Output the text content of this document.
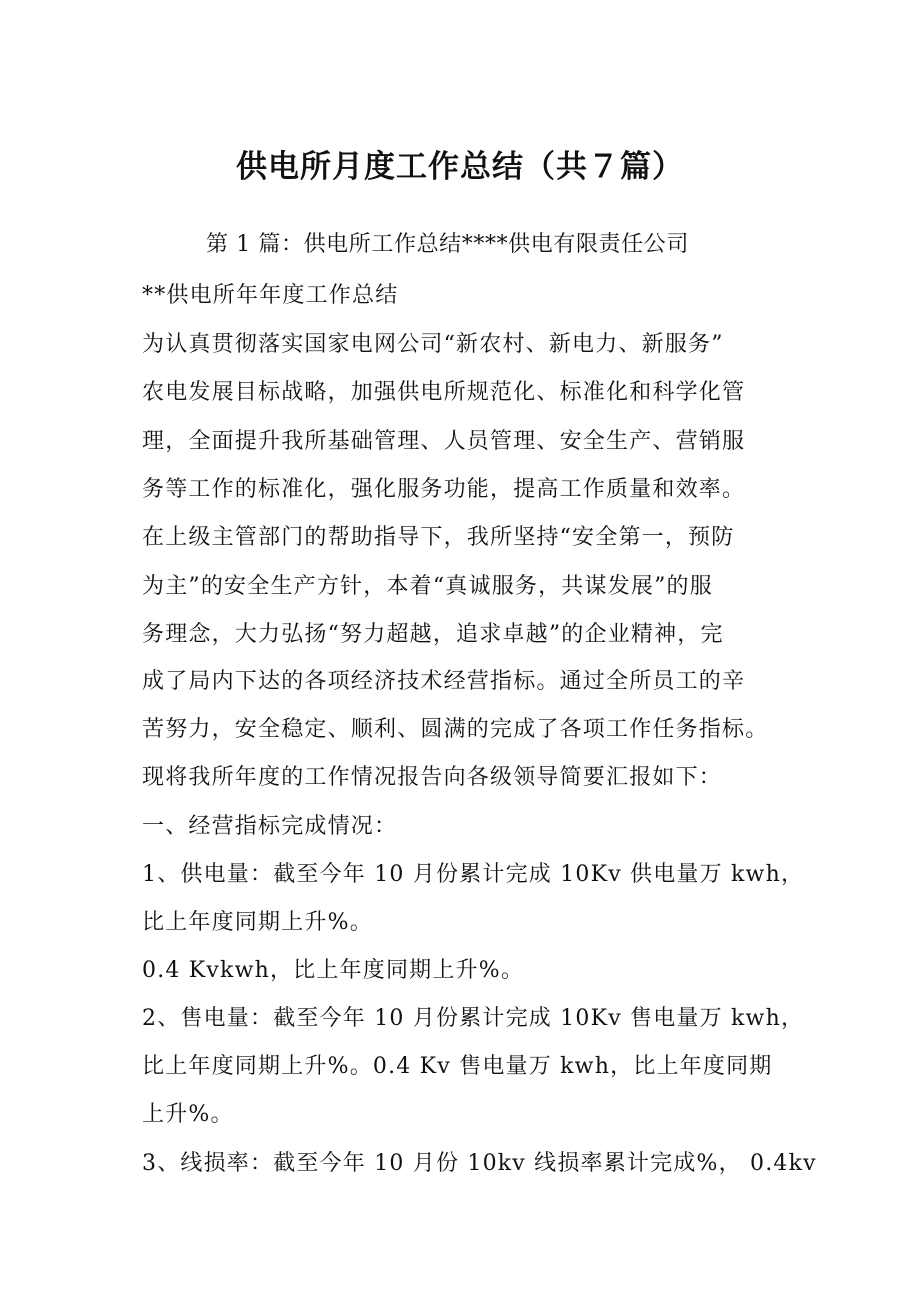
供电所月度工作总结（共７篇）

第 1 篇：供电所工作总结****供电有限责任公司

**供电所年年度工作总结

为认真贯彻落实国家电网公司“新农村、新电力、新服务”

农电发展目标战略，加强供电所规范化、标准化和科学化管

理，全面提升我所基础管理、人员管理、安全生产、营销服

务等工作的标准化，强化服务功能，提高工作质量和效率。

在上级主管部门的帮助指导下，我所坚持“安全第一，预防

为主”的安全生产方针，本着“真诚服务，共谋发展”的服

务理念，大力弘扬“努力超越，追求卓越”的企业精神，完

成了局内下达的各项经济技术经营指标。通过全所员工的辛

苦努力，安全稳定、顺利、圆满的完成了各项工作任务指标。

现将我所年度的工作情况报告向各级领导简要汇报如下：

一、经营指标完成情况：

1、供电量：截至今年 10 月份累计完成 10Kv 供电量万 kwh，

比上年度同期上升%。

0.4 Kvkwh，比上年度同期上升%。

2、售电量：截至今年 10 月份累计完成 10Kv 售电量万 kwh，

比上年度同期上升%。0.4 Kv 售电量万 kwh，比上年度同期

上升%。

3、线损率：截至今年 10 月份 10kv 线损率累计完成%， 0.4kv
